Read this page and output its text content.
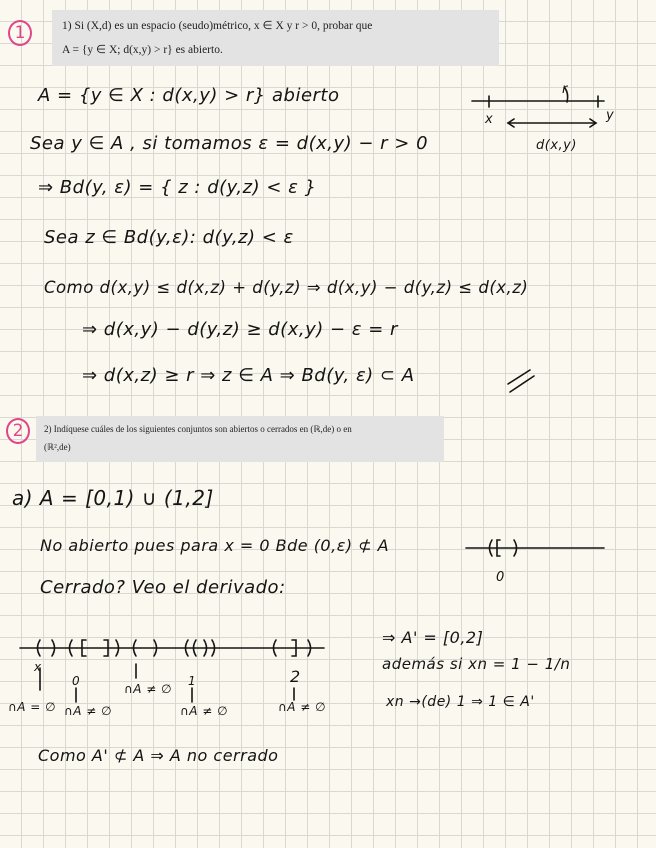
1	1) Si (X,d) es un espacio (seudo)métrico, x ∈ X y r > 0, probar que
A = {y ∈ X; d(x,y) > r} es abierto.
A = {y ∈ X : d(x,y) > r} abierto
Sea y ∈ A , si tomamos ε = d(x,y) − r > 0
⇒ Bd(y, ε) = { z : d(y,z) < ε }
Sea z ∈ Bd(y,ε): d(y,z) < ε
Como d(x,y) ≤ d(x,z) + d(y,z) ⇒ d(x,y) − d(y,z) ≤ d(x,z)
⇒ d(x,y) − d(y,z) ≥ d(x,y) − ε = r
⇒ d(x,z) ≥ r ⇒ z ∈ A ⇒ Bd(y, ε) ⊂ A
r
x	y
d(x,y)
2	2) Indíquese cuáles de los siguientes conjuntos son abiertos o cerrados en (ℝ,de) o en
(ℝ²,de)
a) A = [0,1) ∪ (1,2]
No abierto pues para x = 0 Bde (0,ε) ⊄ A
Cerrado? Veo el derivado:
⇒ A' = [0,2]
además si xn = 1 − 1/n
xn →(de) 1 ⇒ 1 ∈ A'
Como A' ⊄ A ⇒ A no cerrado
0
x
0	1	2
∩A = ∅ ∩A ≠ ∅
∩A ≠ ∅
∩A ≠ ∅	∩A ≠ ∅
